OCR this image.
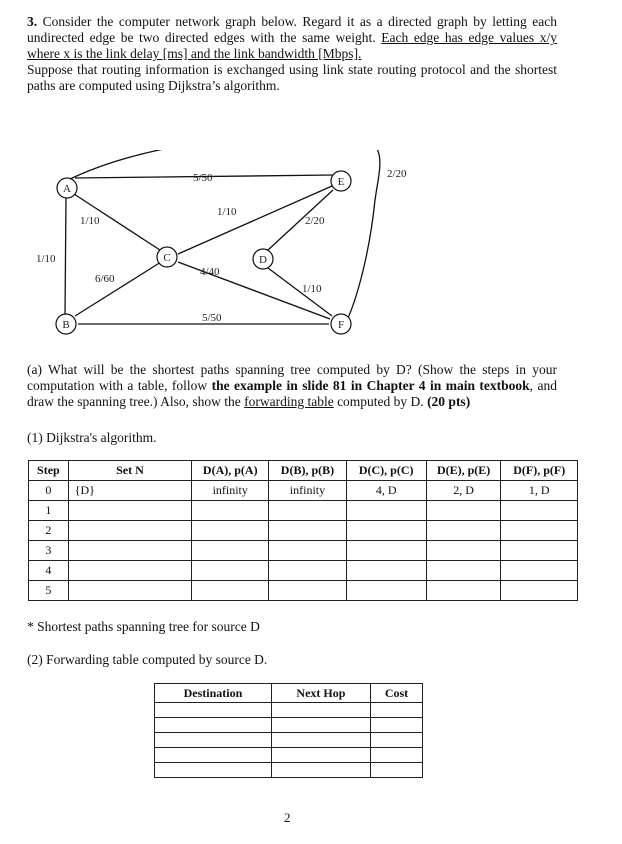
3. Consider the computer network graph below. Regard it as a directed graph by letting each undirected edge be two directed edges with the same weight. Each edge has edge values x/y where x is the link delay [ms] and the link bandwidth [Mbps].
Suppose that routing information is exchanged using link state routing protocol and the shortest paths are computed using Dijkstra’s algorithm.
A
B
C	D
E
F
5/50
1/10
1/10
6/60
5/50
1/10
4/40
2/20
1/10
2/20
(a) What will be the shortest paths spanning tree computed by D? (Show the steps in your computation with a table, follow the example in slide 81 in Chapter 4 in main textbook, and draw the spanning tree.) Also, show the forwarding table computed by D. (20 pts)
(1) Dijkstra's algorithm.
Step	Set N	D(A), p(A)	D(B), p(B)	D(C), p(C)	D(E), p(E)	D(F), p(F)
0	{D}	infinity	infinity	4, D	2, D	1, D
1						
2						
3						
4						
5						
* Shortest paths spanning tree for source D
(2) Forwarding table computed by source D.
Destination	Next Hop	Cost

2
